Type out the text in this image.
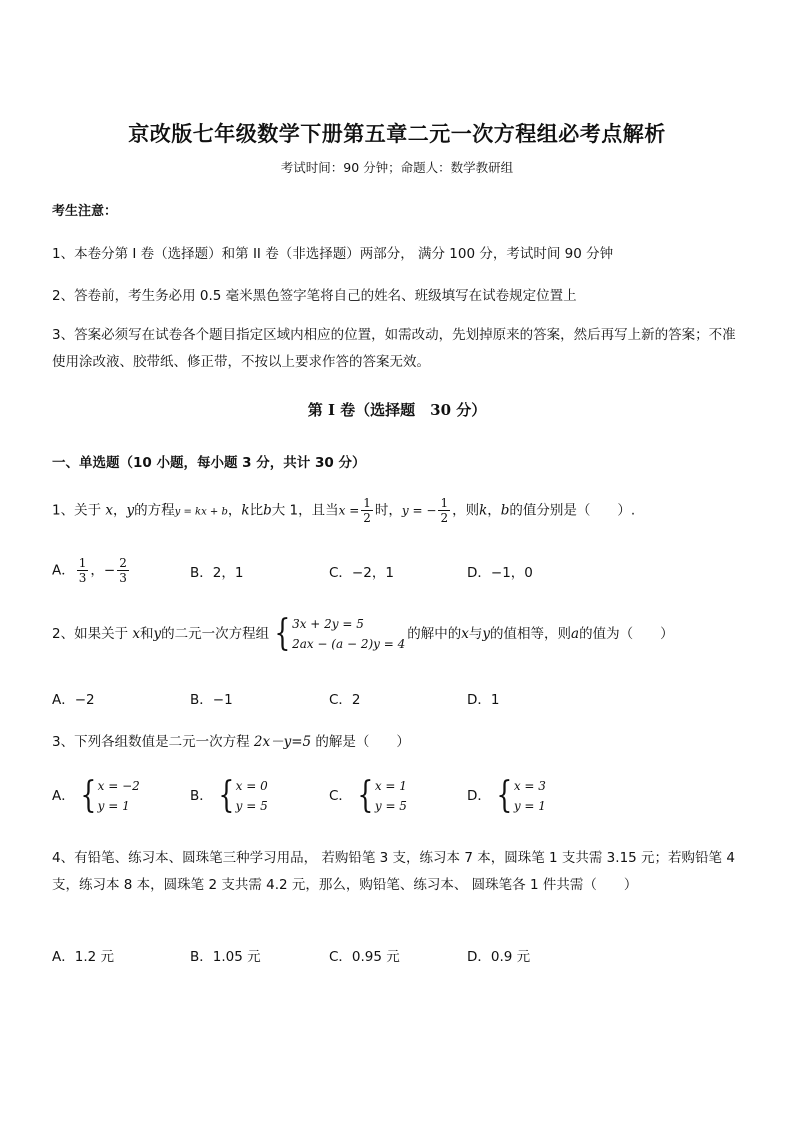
京改版七年级数学下册第五章二元一次方程组必考点解析
考试时间：90 分钟；命题人：数学教研组
考生注意：
1、本卷分第 I 卷（选择题）和第 II 卷（非选择题）两部分， 满分 100 分，考试时间 90 分钟
2、答卷前，考生务必用 0.5 毫米黑色签字笔将自己的姓名、班级填写在试卷规定位置上
3、答案必须写在试卷各个题目指定区域内相应的位置，如需改动，先划掉原来的答案，然后再写上新的答案；不准使用涂改液、胶带纸、修正带，不按以上要求作答的答案无效。
第 I 卷（选择题　30 分）
一、单选题（10 小题，每小题 3 分，共计 30 分）
1、关于 x，y的方程y = kx + b，k比b大 1，且当$x = \frac{1}{2}$ 时，y = − $\frac{1}{2}$ ，则k，b的值分别是（　　）.
A． $\frac{1}{3}$ ，− $\frac{2}{3}$	B．2，1	C．−2，1	D．−1，0
2、如果关于 x和y的二元一次方程组 { 3x + 2y = 5
2ax − (a − 2)y = 4
的解中的x与y的值相等，则a的值为（　　）
A．−2	B．−1	C．2	D．1
3、下列各组数值是二元一次方程 2x－y=5 的解是（　　）
A． { x = −2
y = 1
B． { x = 0
y = 5
C． { x = 1
y = 5
D． { x = 3
y = 1
4、有铅笔、练习本、圆珠笔三种学习用品， 若购铅笔 3 支，练习本 7 本，圆珠笔 1 支共需 3.15 元；若购铅笔 4 支，练习本 8 本，圆珠笔 2 支共需 4.2 元，那么，购铅笔、练习本、 圆珠笔各 1 件共需（　　）
A．1.2 元	B．1.05 元	C．0.95 元	D．0.9 元
